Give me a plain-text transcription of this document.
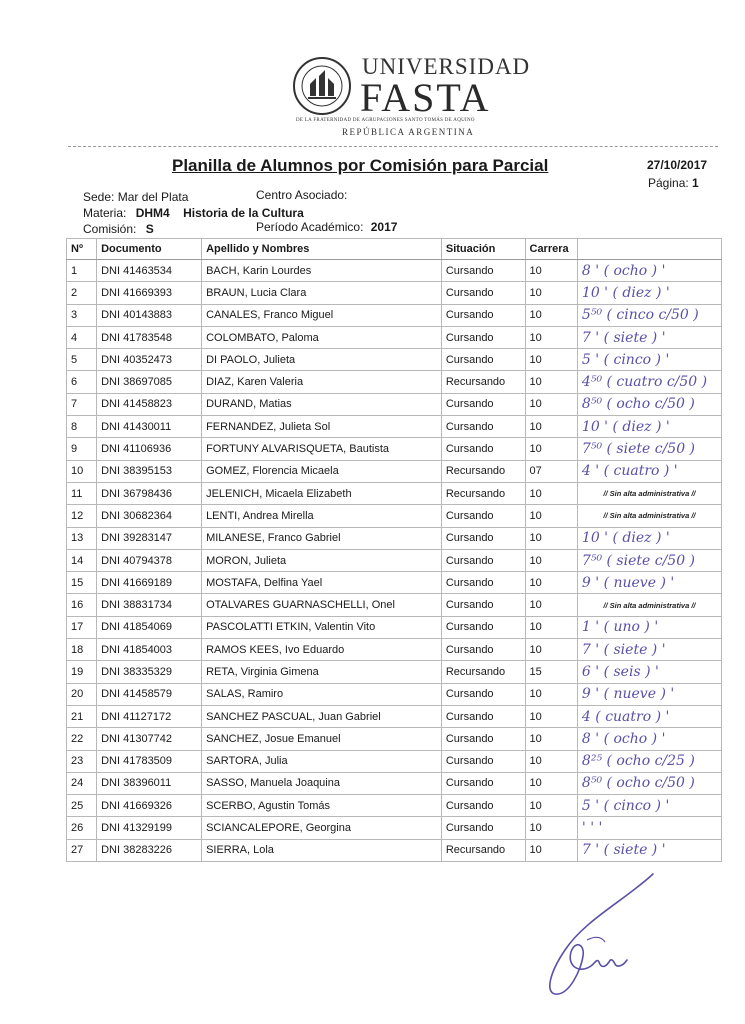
UNIVERSIDAD
FASTA
DE LA FRATERNIDAD DE AGRUPACIONES SANTO TOMÁS DE AQUINO
REPÚBLICA ARGENTINA
Planilla de Alumnos por Comisión para Parcial	27/10/2017
Página: 1
Sede: Mar del Plata	Centro Asociado:
Materia: DHM4 Historia de la Cultura
Comisión: S	Período Académico: 2017
Nº	Documento	Apellido y Nombres	Situación	Carrera	
1	DNI 41463534	BACH, Karin Lourdes	Cursando	10	8 ' ( ocho ) '
2	DNI 41669393	BRAUN, Lucia Clara	Cursando	10	10 ' ( diez ) '
3	DNI 40143883	CANALES, Franco Miguel	Cursando	10	5⁵⁰ ( cinco c/50 )
4	DNI 41783548	COLOMBATO, Paloma	Cursando	10	7 ' ( siete ) '
5	DNI 40352473	DI PAOLO, Julieta	Cursando	10	5 ' ( cinco ) '
6	DNI 38697085	DIAZ, Karen Valeria	Recursando	10	4⁵⁰ ( cuatro c/50 )
7	DNI 41458823	DURAND, Matias	Cursando	10	8⁵⁰ ( ocho c/50 )
8	DNI 41430011	FERNANDEZ, Julieta Sol	Cursando	10	10 ' ( diez ) '
9	DNI 41106936	FORTUNY ALVARISQUETA, Bautista	Cursando	10	7⁵⁰ ( siete c/50 )
10	DNI 38395153	GOMEZ, Florencia Micaela	Recursando	07	4 ' ( cuatro ) '
11	DNI 36798436	JELENICH, Micaela Elizabeth	Recursando	10	// Sin alta administrativa //
12	DNI 30682364	LENTI, Andrea Mirella	Cursando	10	// Sin alta administrativa //
13	DNI 39283147	MILANESE, Franco Gabriel	Cursando	10	10 ' ( diez ) '
14	DNI 40794378	MORON, Julieta	Cursando	10	7⁵⁰ ( siete c/50 )
15	DNI 41669189	MOSTAFA, Delfina Yael	Cursando	10	9 ' ( nueve ) '
16	DNI 38831734	OTALVARES GUARNASCHELLI, Onel	Cursando	10	// Sin alta administrativa //
17	DNI 41854069	PASCOLATTI ETKIN, Valentin Vito	Cursando	10	1 ' ( uno ) '
18	DNI 41854003	RAMOS KEES, Ivo Eduardo	Cursando	10	7 ' ( siete ) '
19	DNI 38335329	RETA, Virginia Gimena	Recursando	15	6 ' ( seis ) '
20	DNI 41458579	SALAS, Ramiro	Cursando	10	9 ' ( nueve ) '
21	DNI 41127172	SANCHEZ PASCUAL, Juan Gabriel	Cursando	10	4 ( cuatro ) '
22	DNI 41307742	SANCHEZ, Josue Emanuel	Cursando	10	8 ' ( ocho ) '
23	DNI 41783509	SARTORA, Julia	Cursando	10	8²⁵ ( ocho c/25 )
24	DNI 38396011	SASSO, Manuela Joaquina	Cursando	10	8⁵⁰ ( ocho c/50 )
25	DNI 41669326	SCERBO, Agustin Tomás	Cursando	10	5 ' ( cinco ) '
26	DNI 41329199	SCIANCALEPORE, Georgina	Cursando	10	' ' '
27	DNI 38283226	SIERRA, Lola	Recursando	10	7 ' ( siete ) '
